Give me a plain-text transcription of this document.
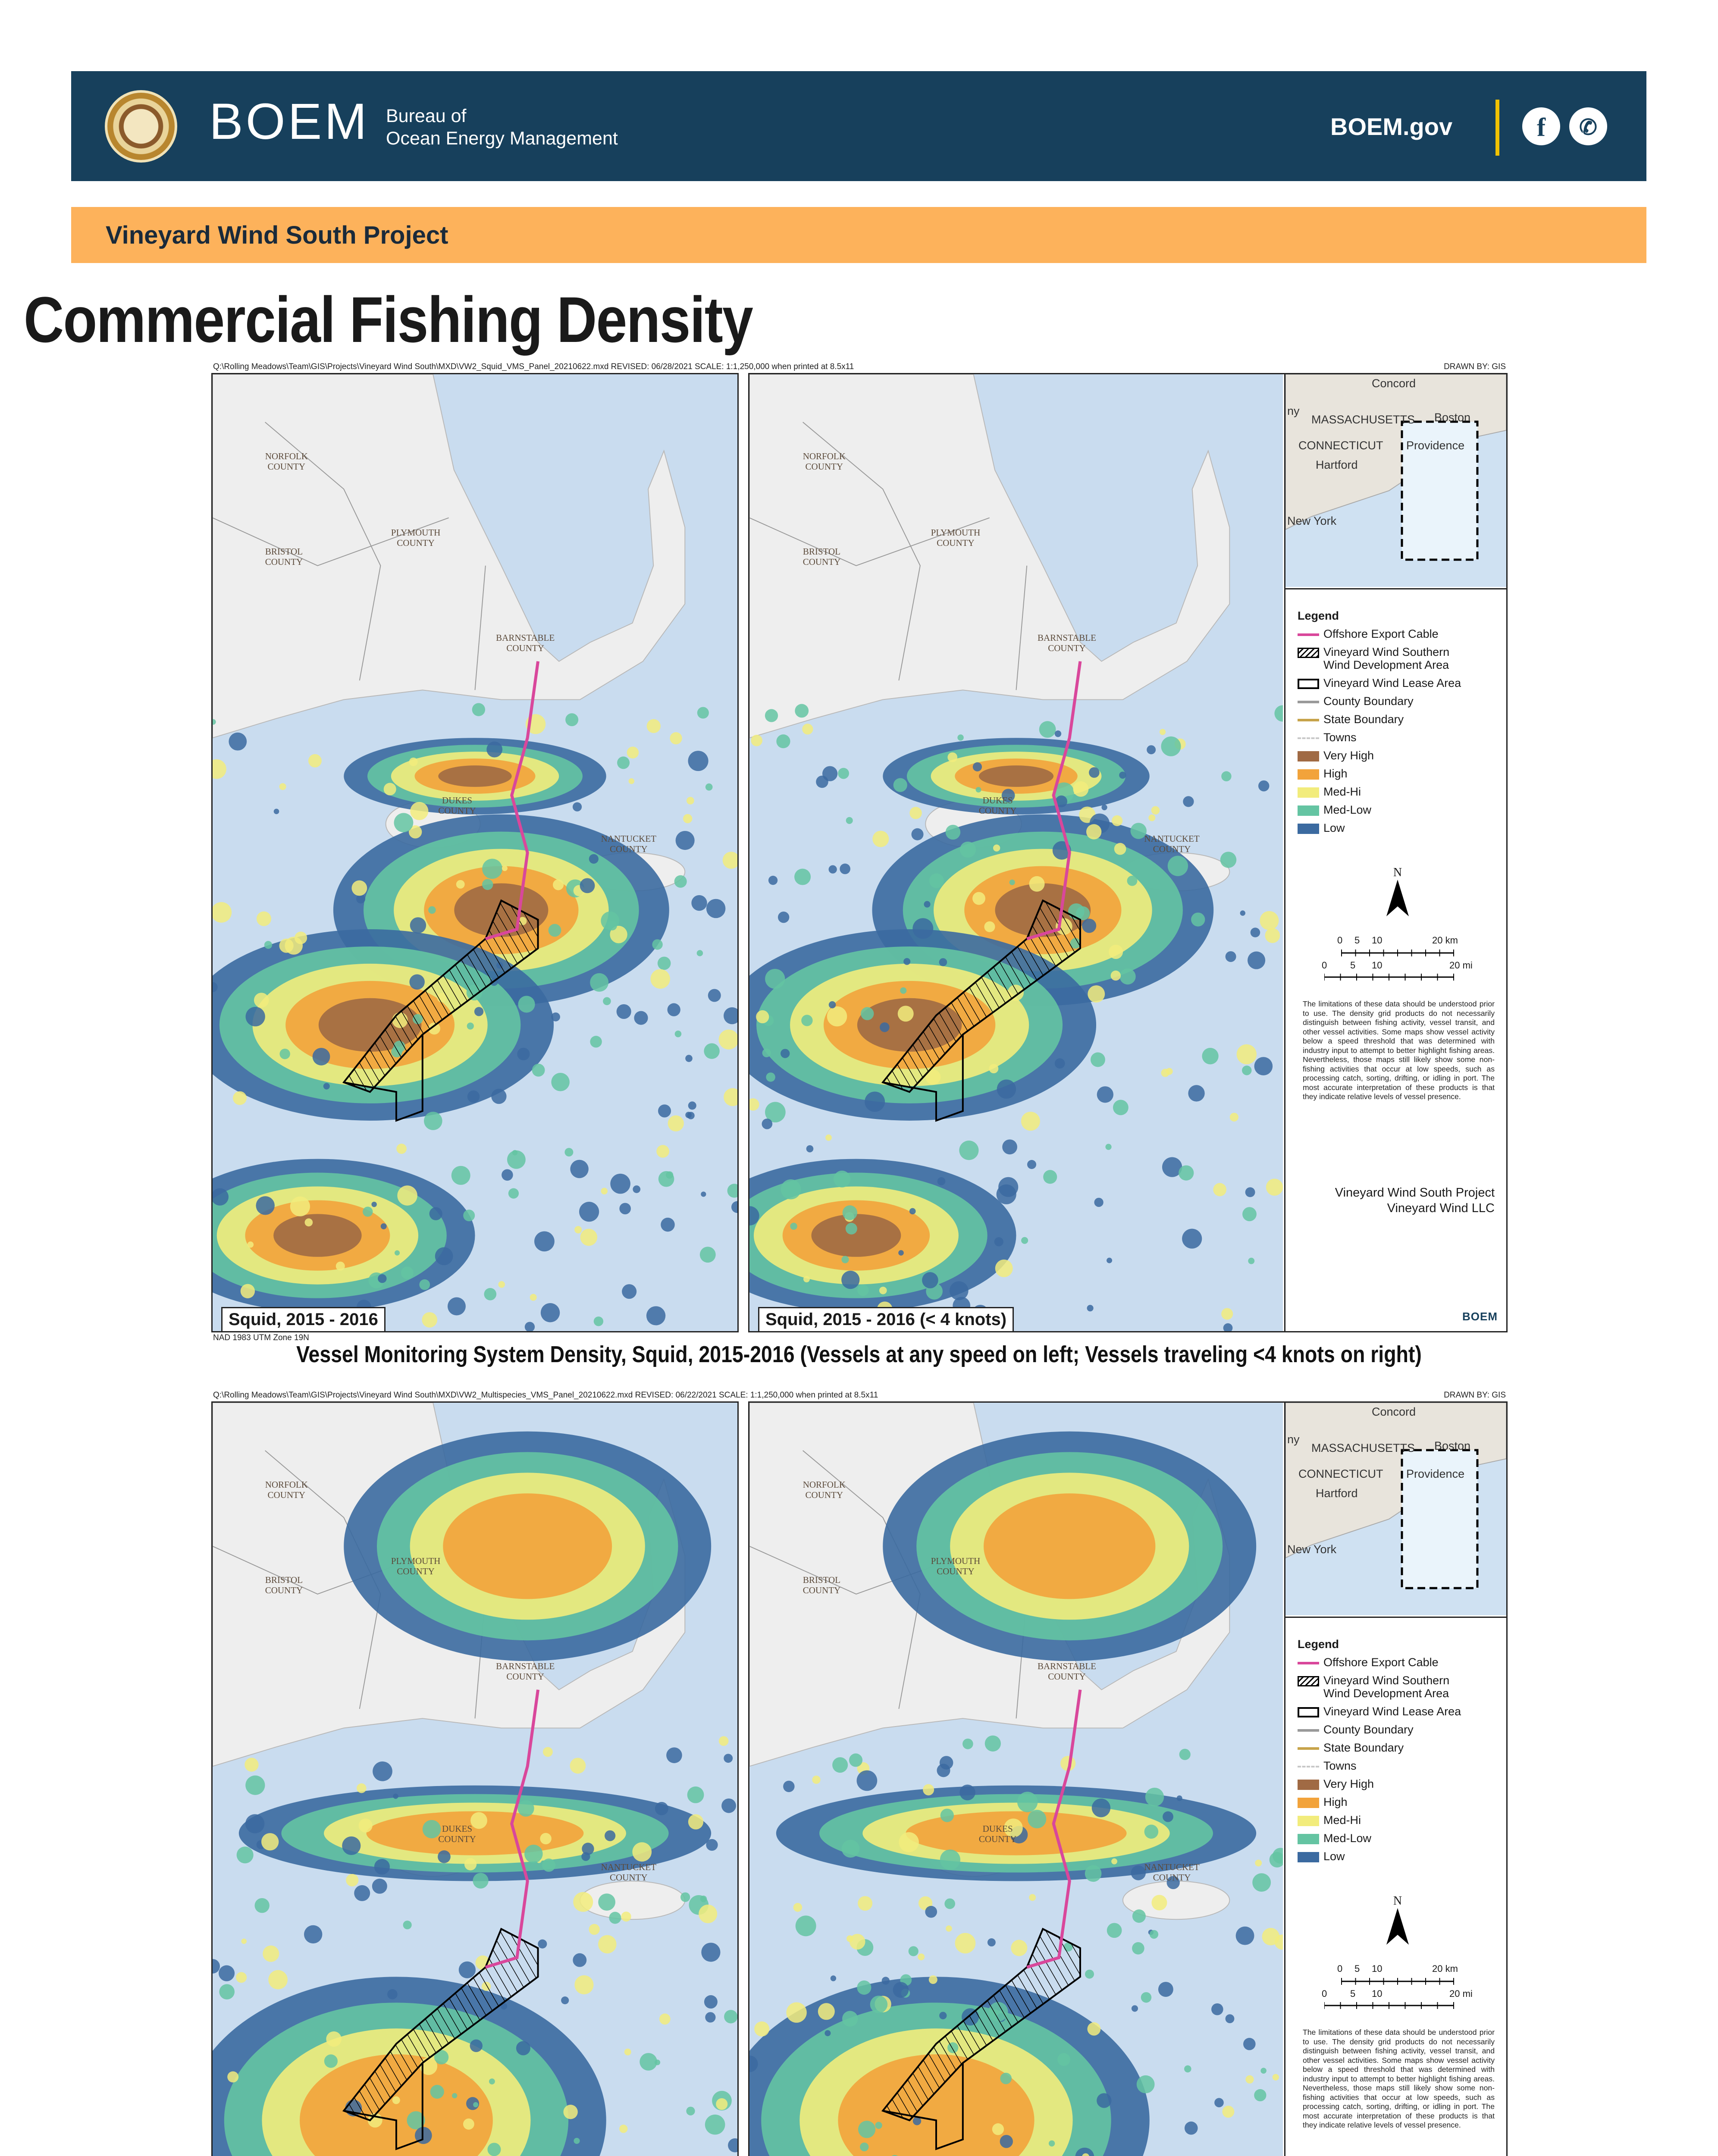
BOEM Bureau of
Ocean Energy Management	BOEM.gov	f	✆
Vineyard Wind South Project
Commercial Fishing Density
Q:\Rolling Meadows\Team\GIS\Projects\Vineyard Wind South\MXD\VW2_Squid_VMS_Panel_20210622.mxd REVISED: 06/28/2021 SCALE: 1:1,250,000 when printed at 8.5x11	DRAWN BY: GIS
NORFOLK
COUNTY
PLYMOUTH
COUNTY
BRISTOL
COUNTY
BARNSTABLE
COUNTY
DUKES
COUNTY
NANTUCKET
COUNTY
Squid, 2015 - 2016
NORFOLK
COUNTY
PLYMOUTH
COUNTY
BRISTOL
COUNTY
BARNSTABLE
COUNTY
DUKES
COUNTY
NANTUCKET
COUNTY
Squid, 2015 - 2016 (< 4 knots)
Concord
ny
MASSACHUSETTS Boston
CONNECTICUT Providence
Hartford
New York
Legend
Offshore Export Cable
Vineyard Wind Southern
Wind Development Area
Vineyard Wind Lease Area
County Boundary
State Boundary
Towns
Very High
High
Med-Hi
Med-Low
Low
N
0 5 10	20 km
0 5 10	20 mi
The limitations of these data should be understood prior to use. The density grid products do not necessarily distinguish between fishing activity, vessel transit, and other vessel activities. Some maps show vessel activity below a speed threshold that was determined with industry input to attempt to better highlight fishing areas. Nevertheless, those maps still likely show some non-fishing activities that occur at low speeds, such as processing catch, sorting, drifting, or idling in port. The most accurate interpretation of these products is that they indicate relative levels of vessel presence.
Vineyard Wind South Project
Vineyard Wind LLC
BOEM
NAD 1983 UTM Zone 19N
Vessel Monitoring System Density, Squid, 2015-2016 (Vessels at any speed on left; Vessels traveling <4 knots on right)
Q:\Rolling Meadows\Team\GIS\Projects\Vineyard Wind South\MXD\VW2_Multispecies_VMS_Panel_20210622.mxd REVISED: 06/22/2021 SCALE: 1:1,250,000 when printed at 8.5x11	DRAWN BY: GIS
NORFOLK
COUNTY
PLYMOUTH
COUNTY
BRISTOL
COUNTY
BARNSTABLE
COUNTY
DUKES
COUNTY
NANTUCKET
COUNTY
NORFOLK
COUNTY
PLYMOUTH
COUNTY
BRISTOL
COUNTY
BARNSTABLE
COUNTY
DUKES
COUNTY
NANTUCKET
COUNTY
Concord
ny
MASSACHUSETTS Boston
CONNECTICUT Providence
Hartford
New York
Legend
Offshore Export Cable
Vineyard Wind Southern
Wind Development Area
Vineyard Wind Lease Area
County Boundary
State Boundary
Towns
Very High
High
Med-Hi
Med-Low
Low
N
0 5 10	20 km
0 5 10	20 mi
The limitations of these data should be understood prior to use. The density grid products do not necessarily distinguish between fishing activity, vessel transit, and other vessel activities. Some maps show vessel activity below a speed threshold that was determined with industry input to attempt to better highlight fishing areas. Nevertheless, those maps still likely show some non-fishing activities that occur at low speeds, such as processing catch, sorting, drifting, or idling in port. The most accurate interpretation of these products is that they indicate relative levels of vessel presence.
